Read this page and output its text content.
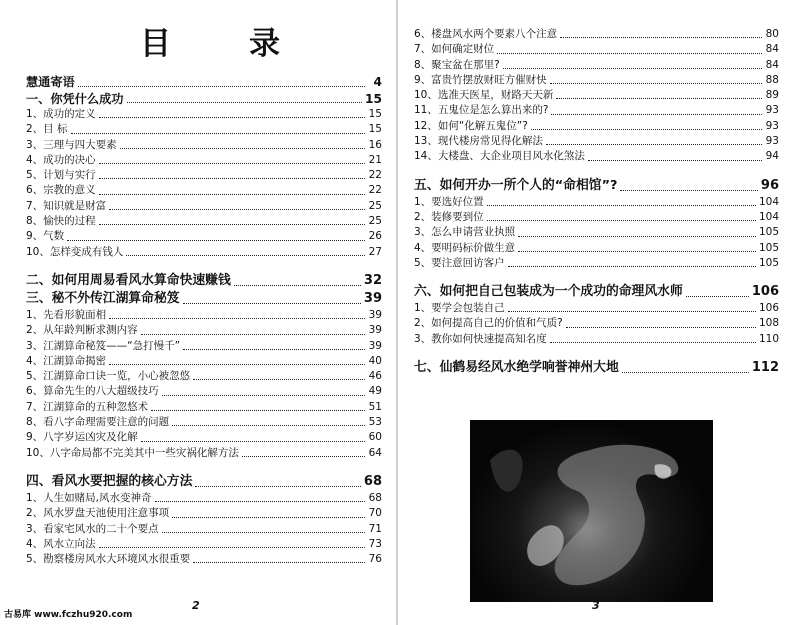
目	录
慧通寄语	4
一、你凭什么成功	15
1、成功的定义	15
2、目 标	15
3、三理与四大要素	16
4、成功的决心	21
5、计划与实行	22
6、宗教的意义	22
7、知识就是财富	25
8、愉快的过程	25
9、气数	26
10、怎样变成有钱人	27
二、如何用周易看风水算命快速赚钱	32
三、秘不外传江湖算命秘笈	39
1、先看形貌面相	39
2、从年龄判断求测内容	39
3、江湖算命秘笈——“急打慢千”	39
4、江湖算命揭密	40
5、江湖算命口诀一览，小心被忽悠	46
6、算命先生的八大超级技巧	49
7、江湖算命的五种忽悠术	51
8、看八字命理需要注意的问题	53
9、八字岁运凶灾及化解	60
10、八字命局都不完美其中一些灾祸化解方法	64
四、看风水要把握的核心方法	68
1、人生如赌局,风水变神奇	68
2、风水罗盘天池使用注意事项	70
3、看家宅风水的二十个要点	71
4、风水立向法	73
5、勘察楼房风水大环境风水很重要	76
6、楼盘风水两个要素八个注意	80
7、如何确定财位	84
8、聚宝盆在那里?	84
9、富贵竹摆放财旺方催财快	88
10、选准天医星，财路天天新	89
11、五鬼位是怎么算出来的?	93
12、如何“化解五鬼位”?	93
13、现代楼房常见得化解法	93
14、大楼盘、大企业项目风水化煞法	94
五、如何开办一所个人的“命相馆”?	96
1、要选好位置	104
2、装修要到位	104
3、怎么申请营业执照	105
4、要明码标价做生意	105
5、要注意回访客户	105
六、如何把自己包装成为一个成功的命理风水师	106
1、要学会包装自己	106
2、如何提高自己的价值和气质?	108
3、教你如何快速提高知名度	110
七、仙鹤易经风水绝学响誉神州大地	112
古易库 www.fczhu920.com
2	3
